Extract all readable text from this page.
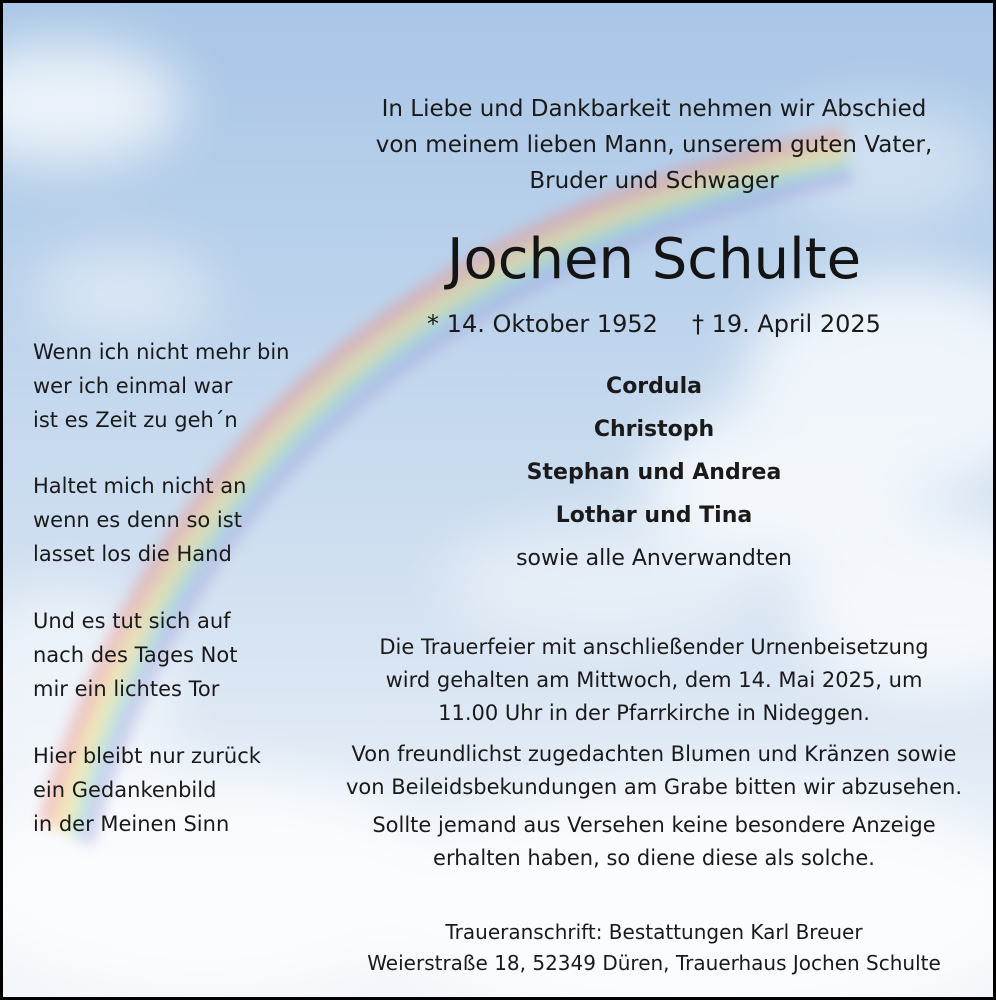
In Liebe und Dankbarkeit nehmen wir Abschied
von meinem lieben Mann, unserem guten Vater,
Bruder und Schwager
Jochen Schulte
* 14. Oktober 1952 † 19. April 2025
Cordula
Christoph
Stephan und Andrea
Lothar und Tina
sowie alle Anverwandten
Wenn ich nicht mehr bin
wer ich einmal war
ist es Zeit zu geh´n
Haltet mich nicht an
wenn es denn so ist
lasset los die Hand
Und es tut sich auf
nach des Tages Not
mir ein lichtes Tor
Hier bleibt nur zurück
ein Gedankenbild
in der Meinen Sinn
Die Trauerfeier mit anschließender Urnenbeisetzung
wird gehalten am Mittwoch, dem 14. Mai 2025, um
11.00 Uhr in der Pfarrkirche in Nideggen.
Von freundlichst zugedachten Blumen und Kränzen sowie
von Beileidsbekundungen am Grabe bitten wir abzusehen.
Sollte jemand aus Versehen keine besondere Anzeige
erhalten haben, so diene diese als solche.
Traueranschrift: Bestattungen Karl Breuer
Weierstraße 18, 52349 Düren, Trauerhaus Jochen Schulte
